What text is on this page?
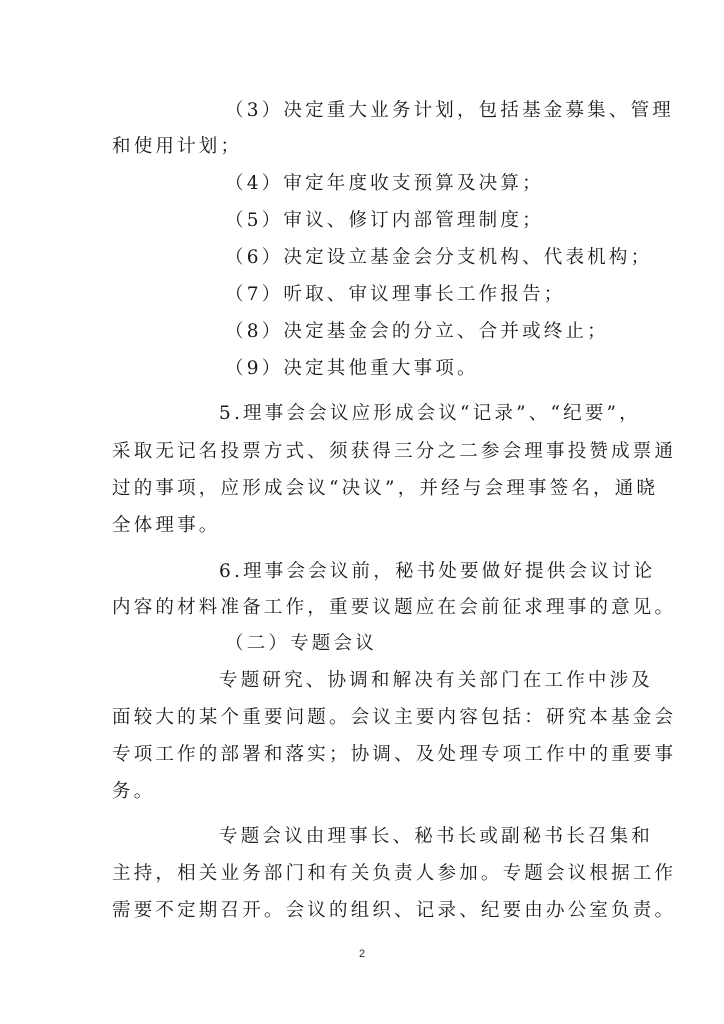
（3）决定重大业务计划，包括基金募集、管理
和使用计划；
（4）审定年度收支预算及决算；
（5）审议、修订内部管理制度；
（6）决定设立基金会分支机构、代表机构；
（7）听取、审议理事长工作报告；
（8）决定基金会的分立、合并或终止；
（9）决定其他重大事项。
5.理事会会议应形成会议“记录”、“纪要”，
采取无记名投票方式、须获得三分之二参会理事投赞成票通
过的事项，应形成会议“决议”，并经与会理事签名，通晓
全体理事。
6.理事会会议前，秘书处要做好提供会议讨论
内容的材料准备工作，重要议题应在会前征求理事的意见。
（二）专题会议
专题研究、协调和解决有关部门在工作中涉及
面较大的某个重要问题。会议主要内容包括：研究本基金会
专项工作的部署和落实；协调、及处理专项工作中的重要事
务。
专题会议由理事长、秘书长或副秘书长召集和
主持，相关业务部门和有关负责人参加。专题会议根据工作
需要不定期召开。会议的组织、记录、纪要由办公室负责。
2
